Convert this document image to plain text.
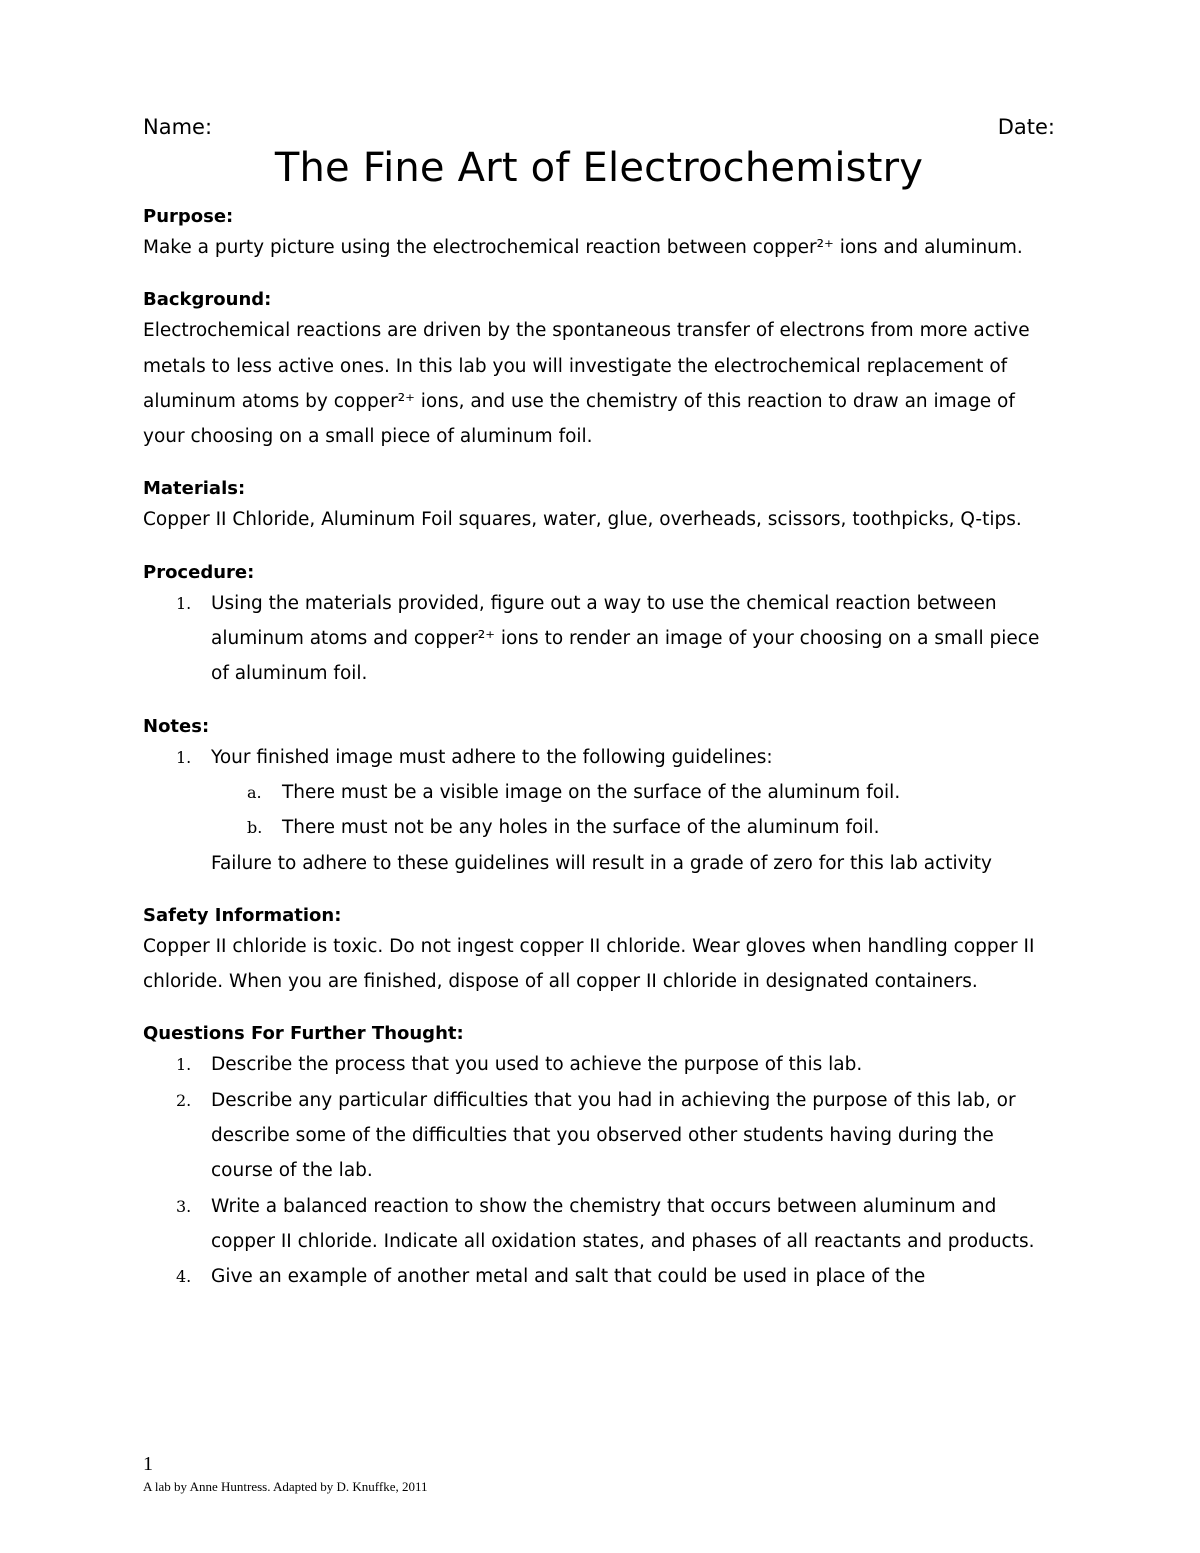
Name:	Date:
The Fine Art of Electrochemistry
Purpose:
Make a purty picture using the electrochemical reaction between copper²⁺ ions and aluminum.
Background:
Electrochemical reactions are driven by the spontaneous transfer of electrons from more active metals to less active ones. In this lab you will investigate the electrochemical replacement of aluminum atoms by copper²⁺ ions, and use the chemistry of this reaction to draw an image of your choosing on a small piece of aluminum foil.
Materials:
Copper II Chloride, Aluminum Foil squares, water, glue, overheads, scissors, toothpicks, Q-tips.
Procedure:
1.	Using the materials provided, figure out a way to use the chemical reaction between aluminum atoms and copper²⁺ ions to render an image of your choosing on a small piece of aluminum foil.
Notes:
1.	Your finished image must adhere to the following guidelines:
a.	There must be a visible image on the surface of the aluminum foil.
b.	There must not be any holes in the surface of the aluminum foil.
Failure to adhere to these guidelines will result in a grade of zero for this lab activity
Safety Information:
Copper II chloride is toxic. Do not ingest copper II chloride. Wear gloves when handling copper II chloride. When you are finished, dispose of all copper II chloride in designated containers.
Questions For Further Thought:
1.	Describe the process that you used to achieve the purpose of this lab.
2.	Describe any particular difficulties that you had in achieving the purpose of this lab, or describe some of the difficulties that you observed other students having during the course of the lab.
3.	Write a balanced reaction to show the chemistry that occurs between aluminum and copper II chloride. Indicate all oxidation states, and phases of all reactants and products.
4.	Give an example of another metal and salt that could be used in place of the
1
A lab by Anne Huntress. Adapted by D. Knuffke, 2011
